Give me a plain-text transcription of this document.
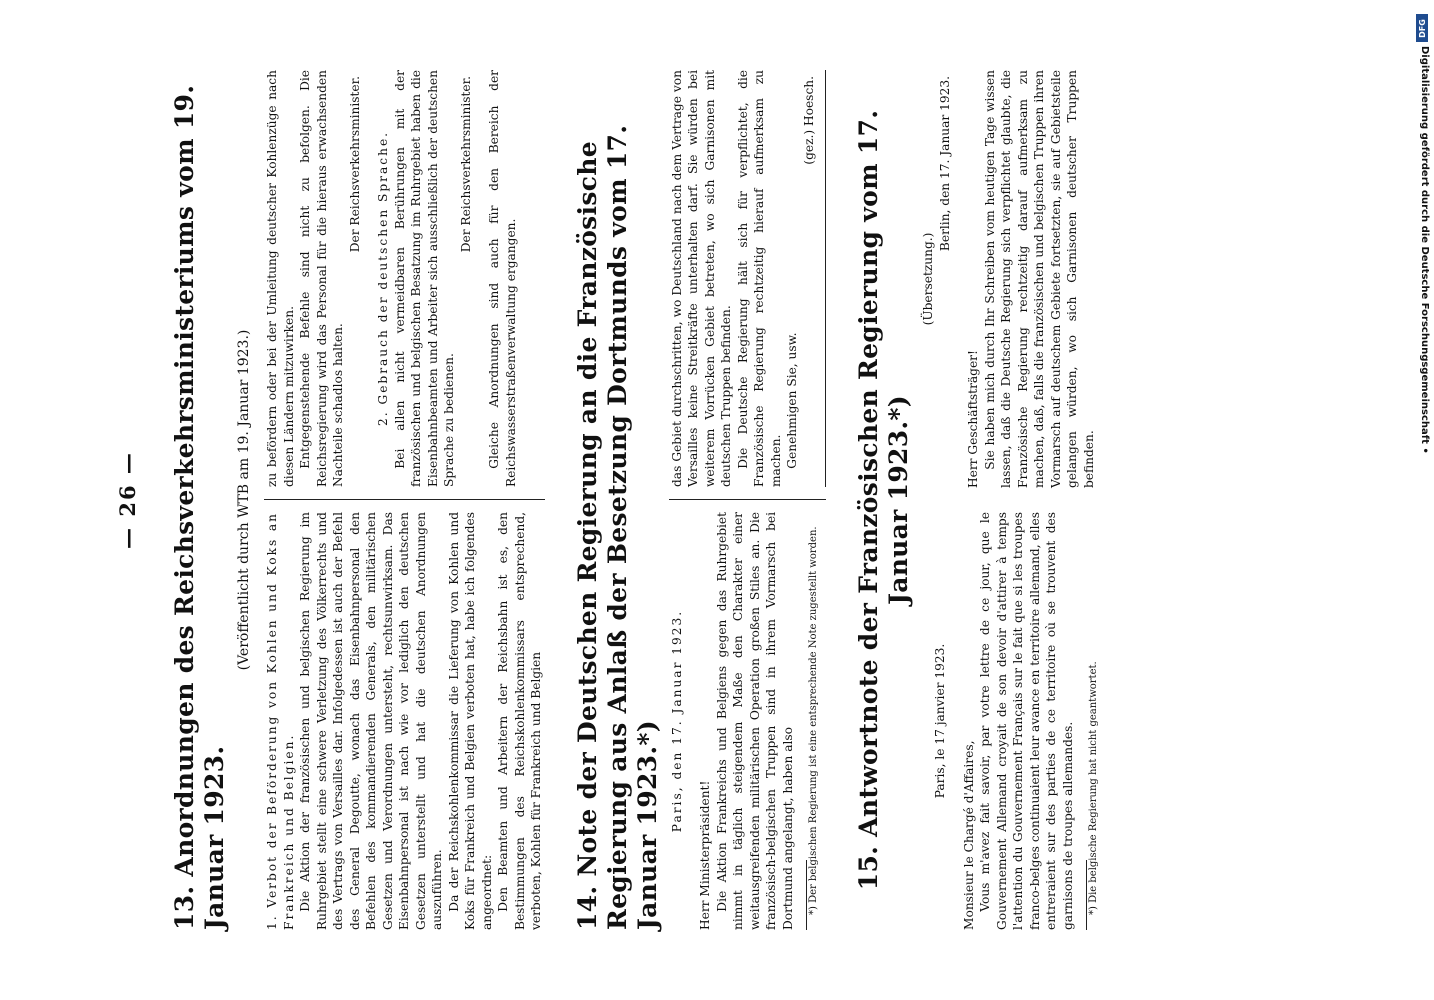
— 26 — 13. Anordnungen des Reichsverkehrsministeriums vom 19. Januar 1923.
(Veröffentlicht durch WTB am 19. Januar 1923.)

1. Verbot der Beförderung von Kohlen und Koks an Frankreich und Belgien. Die Aktion der französischen und belgischen Regierung im Ruhrgebiet stellt eine schwere Verletzung des Völkerrechts und des Vertrags von Versailles dar. Infolgedessen ist auch der Befehl des General Degoutte, wonach das Eisenbahnpersonal den Befehlen des kommandierenden Generals, den militärischen Gesetzen und Verordnungen untersteht, rechtsunwirksam. Das Eisenbahnpersonal ist nach wie vor lediglich den deutschen Gesetzen unterstellt und hat die deutschen Anordnungen auszuführen. Da der Reichskohlenkommissar die Lieferung von Kohlen und Koks für Frankreich und Belgien verboten hat, habe ich folgendes angeordnet: Den Beamten und Arbeitern der Reichsbahn ist es, den Bestimmungen des Reichskohlenkommissars entsprechend, verboten, Kohlen für Frankreich und Belgien

zu befördern oder bei der Umleitung deutscher Kohlenzüge nach diesen Ländern mitzuwirken. Entgegenstehende Befehle sind nicht zu befolgen. Die Reichsregierung wird das Personal für die hieraus erwachsenden Nachteile schadlos halten.

Der Reichsverkehrsminister. 2. Gebrauch der deutschen Sprache. Bei allen nicht vermeidbaren Berührungen mit der französischen und belgischen Besatzung im Ruhrgebiet haben die Eisenbahnbeamten und Arbeiter sich ausschließlich der deutschen Sprache zu bedienen.

Der Reichsverkehrsminister. Gleiche Anordnungen sind auch für den Bereich der Reichswasserstraßenverwaltung ergangen. 14. Note der Deutschen Regierung an die Französische Regierung aus Anlaß der Besetzung Dortmunds vom 17. Januar 1923.*) Paris, den 17. Januar 1923.

Herr Ministerpräsident! Die Aktion Frankreichs und Belgiens gegen das Ruhrgebiet nimmt in täglich steigendem Maße den Charakter einer weitausgreifenden militärischen Operation großen Stiles an. Die französisch-belgischen Truppen sind in ihrem Vormarsch bei Dortmund angelangt, haben also *) Der belgischen Regierung ist eine entsprechende Note zugestellt worden.

das Gebiet durchschritten, wo Deutschland nach dem Vertrage von Versailles keine Streitkräfte unterhalten darf. Sie würden bei weiterem Vorrücken Gebiet betreten, wo sich Garnisonen mit deutschen Truppen befinden. Die Deutsche Regierung hält sich für verpflichtet, die Französische Regierung rechtzeitig hierauf aufmerksam zu machen. Genehmigen Sie, usw.

(gez.) Hoesch. 15. Antwortnote der Französischen Regierung vom 17. Januar 1923.*)

Paris, le 17 janvier 1923.

Monsieur le Chargé d'Affaires, Vous m'avez fait savoir, par votre lettre de ce jour, que le Gouvernement Allemand croyait de son devoir d'attirer à temps l'attention du Gouvernement Français sur le fait que si les troupes franco-belges continuaient leur avance en territoire allemand, elles entreraient sur des parties de ce territoire où se trouvent des garnisons de troupes allemandes. *) Die belgische Regierung hat nicht geantwortet.

(Übersetzung.)

Berlin, den 17. Januar 1923.

Herr Geschäftsträger! Sie haben mich durch Ihr Schreiben vom heutigen Tage wissen lassen, daß die Deutsche Regierung sich verpflichtet glaubte, die Französische Regierung rechtzeitig darauf aufmerksam zu machen, daß, falls die französischen und belgischen Truppen ihren Vormarsch auf deutschem Gebiete fortsetzten, sie auf Gebietsteile gelangen würden, wo sich Garnisonen deutscher Truppen befinden.

DFG
Digitalisierung gefördert durch die Deutsche Forschungsgemeinschaft •
